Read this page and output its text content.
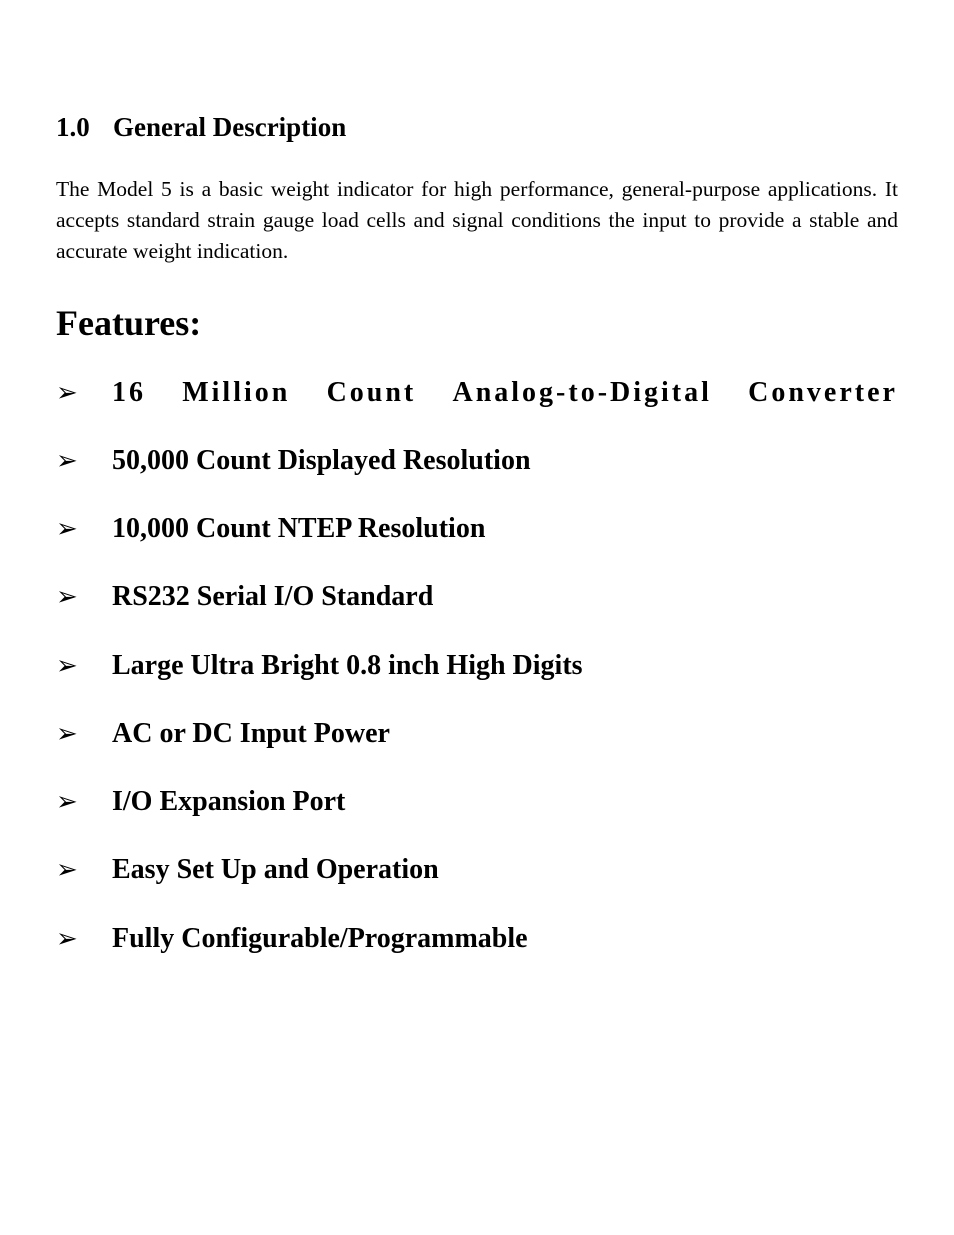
1.0 General Description

The Model 5 is a basic weight indicator for high performance, general-purpose applications. It accepts standard strain gauge load cells and signal conditions the input to provide a stable and accurate weight indication.

Features:
➢ 16 Million Count Analog-to-Digital Converter
➢ 50,000 Count Displayed Resolution
➢ 10,000 Count NTEP Resolution
➢ RS232 Serial I/O Standard
➢ Large Ultra Bright 0.8 inch High Digits
➢ AC or DC Input Power
➢ I/O Expansion Port
➢ Easy Set Up and Operation
➢ Fully Configurable/Programmable
